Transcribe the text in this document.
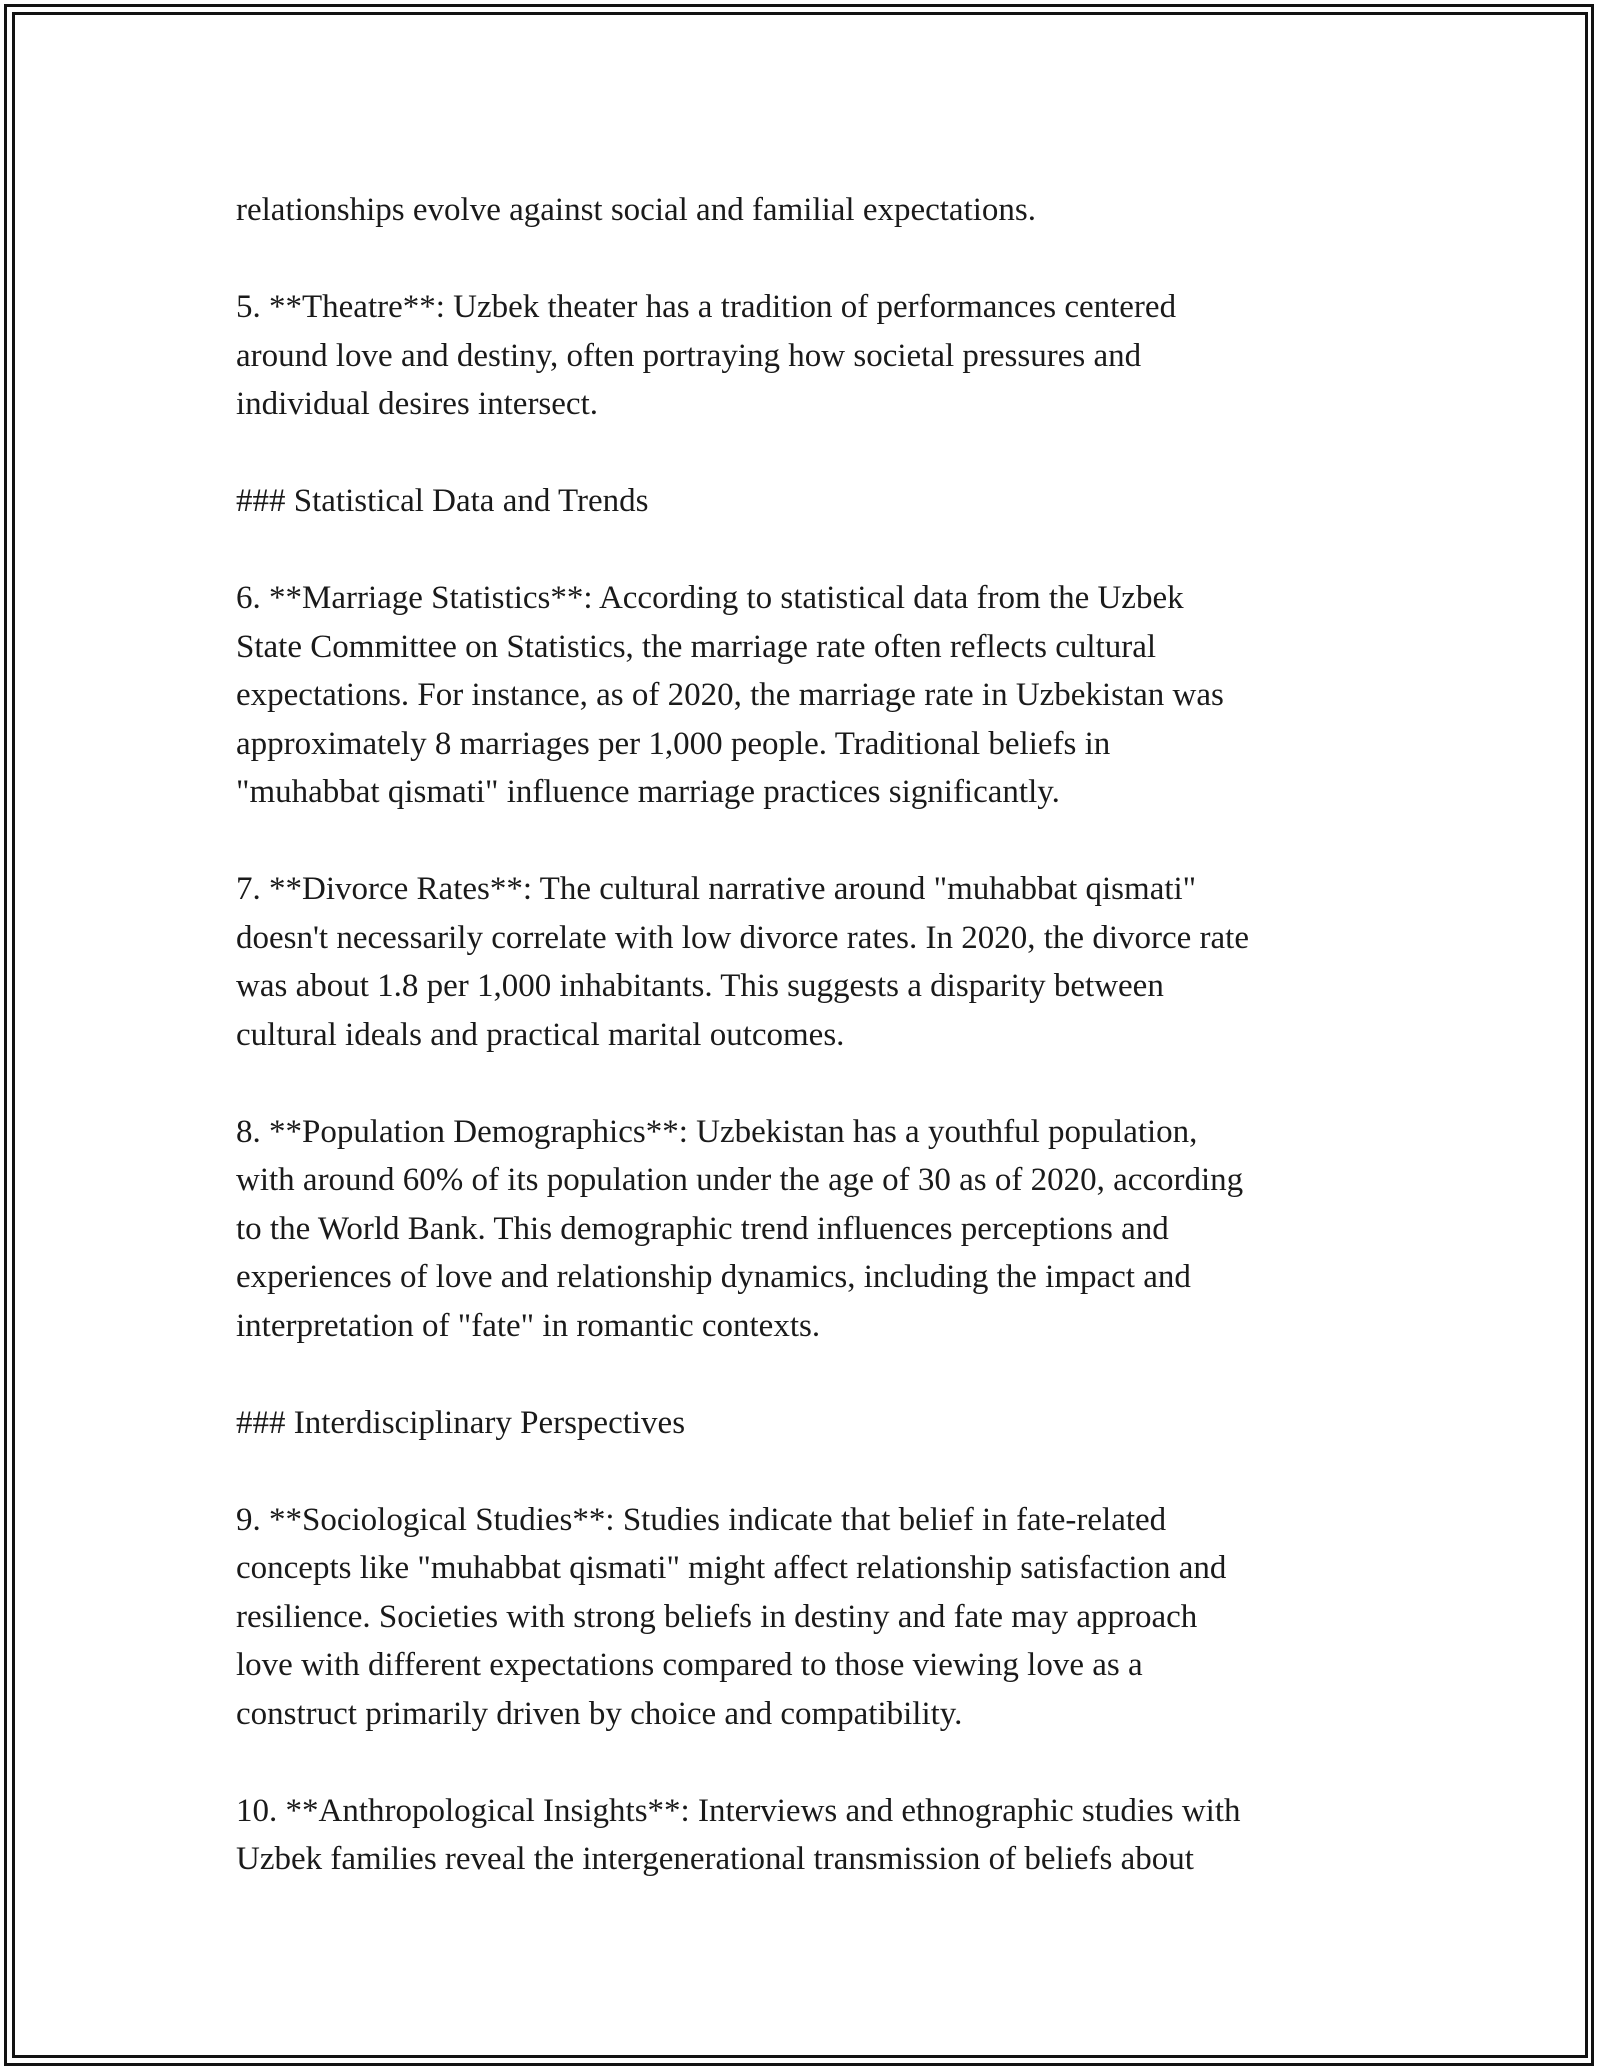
relationships evolve against social and familial expectations.
5. **Theatre**: Uzbek theater has a tradition of performances centered
around love and destiny, often portraying how societal pressures and
individual desires intersect.
### Statistical Data and Trends
6. **Marriage Statistics**: According to statistical data from the Uzbek
State Committee on Statistics, the marriage rate often reflects cultural
expectations. For instance, as of 2020, the marriage rate in Uzbekistan was
approximately 8 marriages per 1,000 people. Traditional beliefs in
"muhabbat qismati" influence marriage practices significantly.
7. **Divorce Rates**: The cultural narrative around "muhabbat qismati"
doesn't necessarily correlate with low divorce rates. In 2020, the divorce rate
was about 1.8 per 1,000 inhabitants. This suggests a disparity between
cultural ideals and practical marital outcomes.
8. **Population Demographics**: Uzbekistan has a youthful population,
with around 60% of its population under the age of 30 as of 2020, according
to the World Bank. This demographic trend influences perceptions and
experiences of love and relationship dynamics, including the impact and
interpretation of "fate" in romantic contexts.
### Interdisciplinary Perspectives
9. **Sociological Studies**: Studies indicate that belief in fate-related
concepts like "muhabbat qismati" might affect relationship satisfaction and
resilience. Societies with strong beliefs in destiny and fate may approach
love with different expectations compared to those viewing love as a
construct primarily driven by choice and compatibility.
10. **Anthropological Insights**: Interviews and ethnographic studies with
Uzbek families reveal the intergenerational transmission of beliefs about
